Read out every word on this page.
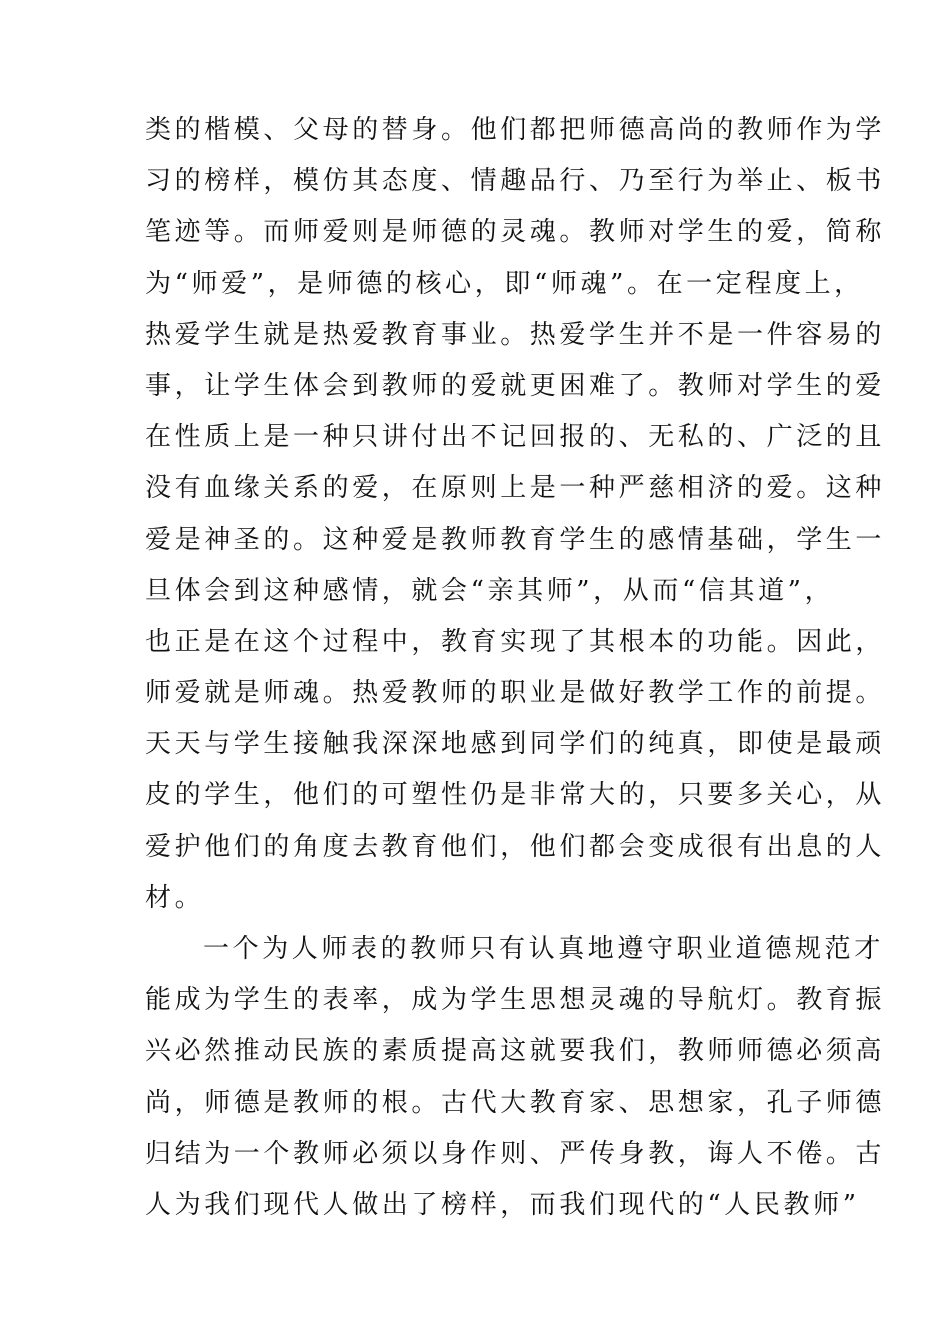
类的楷模、父母的替身。他们都把师德高尚的教师作为学
习的榜样，模仿其态度、情趣品行、乃至行为举止、板书
笔迹等。而师爱则是师德的灵魂。教师对学生的爱，简称
为“师爱”，是师德的核心，即“师魂”。在一定程度上，
热爱学生就是热爱教育事业。热爱学生并不是一件容易的
事，让学生体会到教师的爱就更困难了。教师对学生的爱
在性质上是一种只讲付出不记回报的、无私的、广泛的且
没有血缘关系的爱，在原则上是一种严慈相济的爱。这种
爱是神圣的。这种爱是教师教育学生的感情基础，学生一
旦体会到这种感情，就会“亲其师”，从而“信其道”，
也正是在这个过程中，教育实现了其根本的功能。因此，
师爱就是师魂。热爱教师的职业是做好教学工作的前提。
天天与学生接触我深深地感到同学们的纯真，即使是最顽
皮的学生，他们的可塑性仍是非常大的，只要多关心，从
爱护他们的角度去教育他们，他们都会变成很有出息的人
材。
一个为人师表的教师只有认真地遵守职业道德规范才
能成为学生的表率，成为学生思想灵魂的导航灯。教育振
兴必然推动民族的素质提高这就要我们，教师师德必须高
尚，师德是教师的根。古代大教育家、思想家，孔子师德
归结为一个教师必须以身作则、严传身教，诲人不倦。古
人为我们现代人做出了榜样，而我们现代的“人民教师”
